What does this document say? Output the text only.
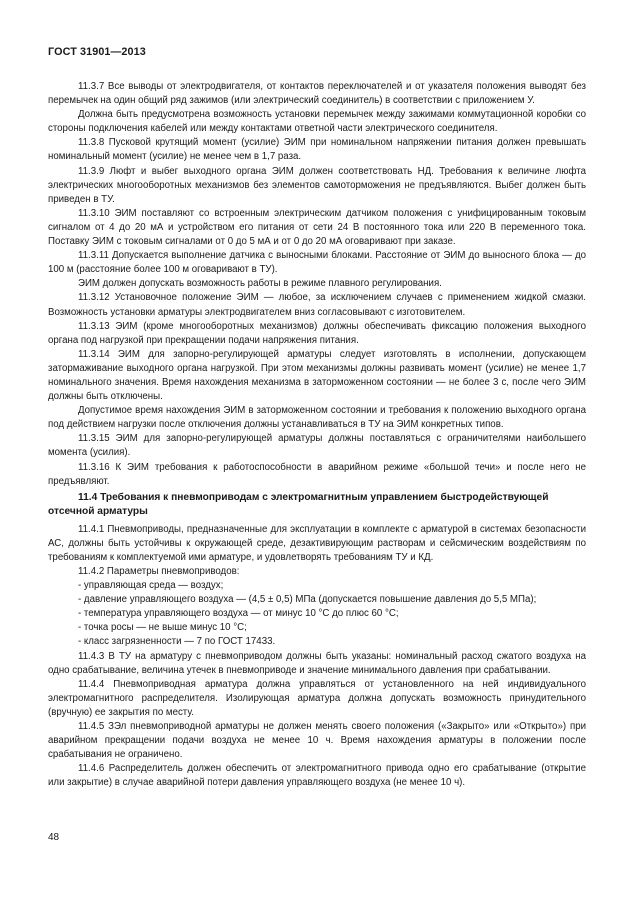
ГОСТ 31901—2013

11.3.7 Все выводы от электродвигателя, от контактов переключателей и от указателя положения выводят без перемычек на один общий ряд зажимов (или электрический соединитель) в соответствии с приложением У.

Должна быть предусмотрена возможность установки перемычек между зажимами коммутационной коробки со стороны подключения кабелей или между контактами ответной части электрического соединителя.

11.3.8 Пусковой крутящий момент (усилие) ЭИМ при номинальном напряжении питания должен превышать номинальный момент (усилие) не менее чем в 1,7 раза.

11.3.9 Люфт и выбег выходного органа ЭИМ должен соответствовать НД. Требования к величине люфта электрических многооборотных механизмов без элементов самоторможения не предъявляются. Выбег должен быть приведен в ТУ.

11.3.10 ЭИМ поставляют со встроенным электрическим датчиком положения с унифицированным токовым сигналом от 4 до 20 мА и устройством его питания от сети 24 В постоянного тока или 220 В переменного тока. Поставку ЭИМ с токовым сигналами от 0 до 5 мА и от 0 до 20 мА оговаривают при заказе.

11.3.11 Допускается выполнение датчика с выносными блоками. Расстояние от ЭИМ до выносного блока — до 100 м (расстояние более 100 м оговаривают в ТУ).

ЭИМ должен допускать возможность работы в режиме плавного регулирования.

11.3.12 Установочное положение ЭИМ — любое, за исключением случаев с применением жидкой смазки. Возможность установки арматуры электродвигателем вниз согласовывают с изготовителем.

11.3.13 ЭИМ (кроме многооборотных механизмов) должны обеспечивать фиксацию положения выходного органа под нагрузкой при прекращении подачи напряжения питания.

11.3.14 ЭИМ для запорно-регулирующей арматуры следует изготовлять в исполнении, допускающем затормаживание выходного органа нагрузкой. При этом механизмы должны развивать момент (усилие) не менее 1,7 номинального значения. Время нахождения механизма в заторможенном состоянии — не более 3 с, после чего ЭИМ должны быть отключены.

Допустимое время нахождения ЭИМ в заторможенном состоянии и требования к положению выходного органа под действием нагрузки после отключения должны устанавливаться в ТУ на ЭИМ конкретных типов.

11.3.15 ЭИМ для запорно-регулирующей арматуры должны поставляться с ограничителями наибольшего момента (усилия).

11.3.16 К ЭИМ требования к работоспособности в аварийном режиме «большой течи» и после него не предъявляют.

11.4 Требования к пневмоприводам с электромагнитным управлением быстродействующей отсечной арматуры

11.4.1 Пневмоприводы, предназначенные для эксплуатации в комплекте с арматурой в системах безопасности АС, должны быть устойчивы к окружающей среде, дезактивирующим растворам и сейсмическим воздействиям по требованиям к комплектуемой ими арматуре, и удовлетворять требованиям ТУ и КД.

11.4.2 Параметры пневмоприводов:

- управляющая среда — воздух;

- давление управляющего воздуха — (4,5 ± 0,5) МПа (допускается повышение давления до 5,5 МПа);

- температура управляющего воздуха — от минус 10 °С до плюс 60 °С;

- точка росы — не выше минус 10 °С;

- класс загрязненности — 7 по ГОСТ 17433.

11.4.3 В ТУ на арматуру с пневмоприводом должны быть указаны: номинальный расход сжатого воздуха на одно срабатывание, величина утечек в пневмоприводе и значение минимального давления при срабатывании.

11.4.4 Пневмоприводная арматура должна управляться от установленного на ней индивидуального электромагнитного распределителя. Изолирующая арматура должна допускать возможность принудительного (вручную) ее закрытия по месту.

11.4.5 ЗЭл пневмоприводной арматуры не должен менять своего положения («Закрыто» или «Открыто») при аварийном прекращении подачи воздуха не менее 10 ч. Время нахождения арматуры в положении после срабатывания не ограничено.

11.4.6 Распределитель должен обеспечить от электромагнитного привода одно его срабатывание (открытие или закрытие) в случае аварийной потери давления управляющего воздуха (не менее 10 ч).

48
